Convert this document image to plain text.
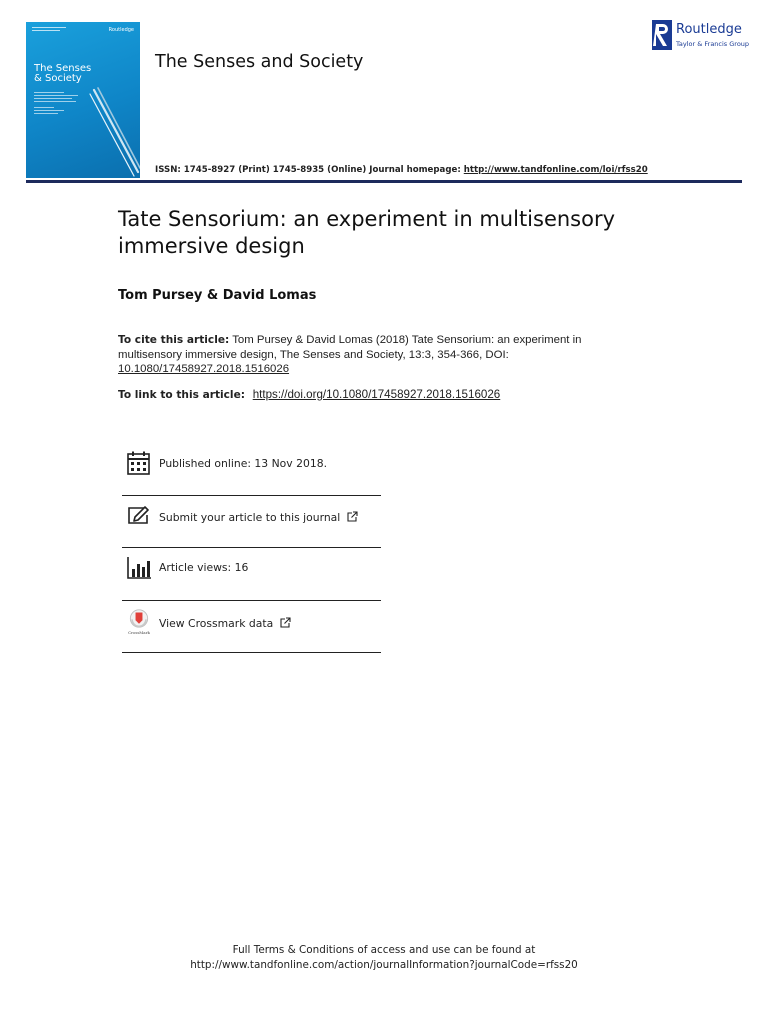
Routledge
The Senses
& Society
The Senses and Society
ISSN: 1745-8927 (Print) 1745-8935 (Online) Journal homepage: http://www.tandfonline.com/loi/rfss20
Routledge
Taylor & Francis Group
Tate Sensorium: an experiment in multisensory immersive design
Tom Pursey & David Lomas
To cite this article: Tom Pursey & David Lomas (2018) Tate Sensorium: an experiment in multisensory immersive design, The Senses and Society, 13:3, 354-366, DOI: 10.1080/17458927.2018.1516026
To link to this article: https://doi.org/10.1080/17458927.2018.1516026
Published online: 13 Nov 2018.
Submit your article to this journal
Article views: 16
CrossMark
View Crossmark data
Full Terms & Conditions of access and use can be found at
http://www.tandfonline.com/action/journalInformation?journalCode=rfss20
